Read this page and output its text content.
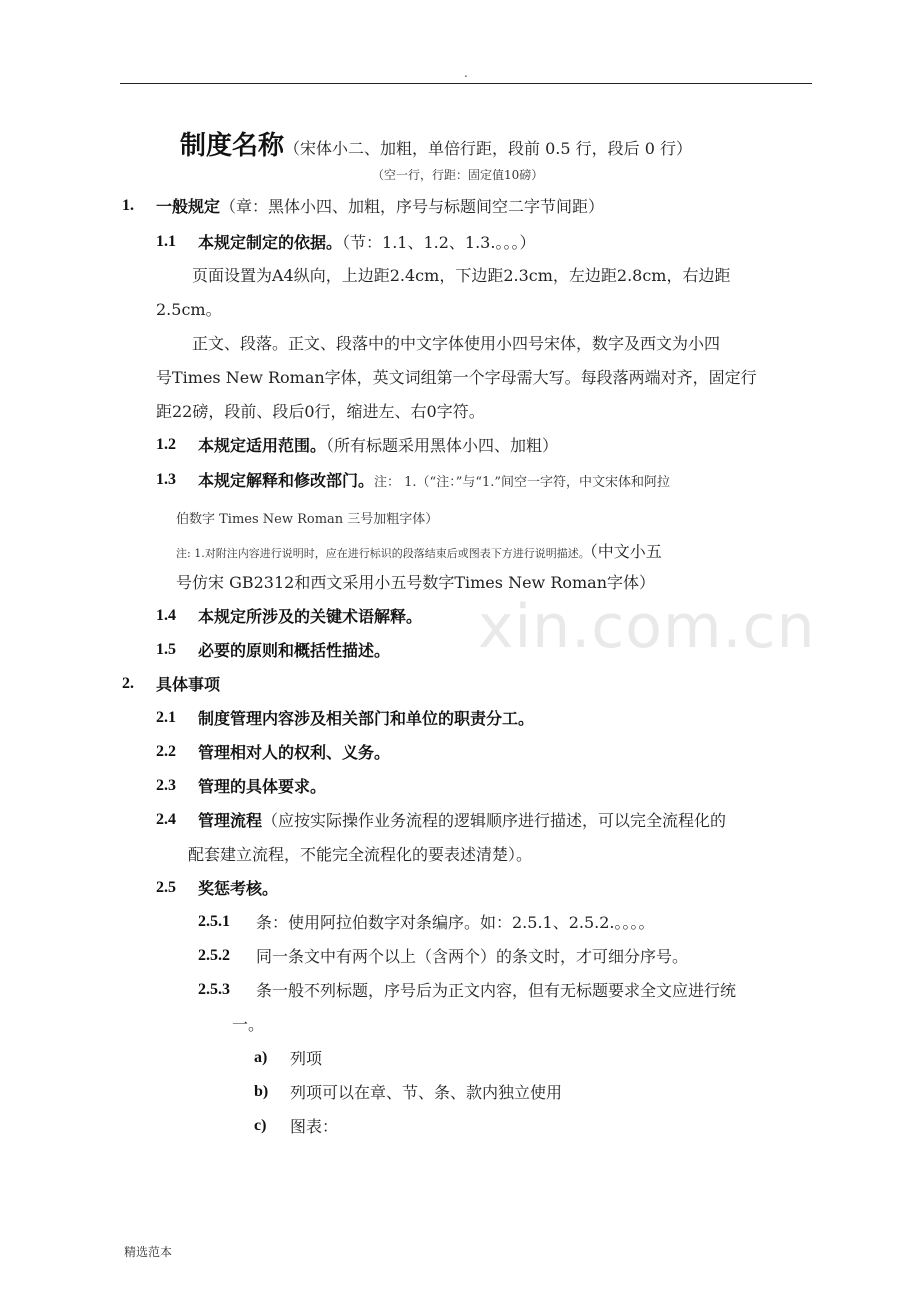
.
制度名称（宋体小二、加粗，单倍行距，段前 0.5 行，段后 0 行）
（空一行，行距：固定值10磅）
1. 一般规定（章：黑体小四、加粗，序号与标题间空二字节间距）
1.1 本规定制定的依据。（节：1.1、1.2、1.3.。。。）
页面设置为A4纵向，上边距2.4cm，下边距2.3cm，左边距2.8cm，右边距
2.5cm。
正文、段落。正文、段落中的中文字体使用小四号宋体，数字及西文为小四
号Times New Roman字体，英文词组第一个字母需大写。每段落两端对齐，固定行
距22磅，段前、段后0行，缩进左、右0字符。
1.2 本规定适用范围。（所有标题采用黑体小四、加粗）
1.3 本规定解释和修改部门。注： 1.（“注：”与“1.”间空一字符，中文宋体和阿拉
伯数字 Times New Roman 三号加粗字体）
注: 1.对附注内容进行说明时，应在进行标识的段落结束后或图表下方进行说明描述。（中文小五
号仿宋 GB2312和西文采用小五号数字Times New Roman字体）
1.4 本规定所涉及的关键术语解释。
1.5 必要的原则和概括性描述。
2. 具体事项
2.1 制度管理内容涉及相关部门和单位的职责分工。
2.2 管理相对人的权利、义务。
2.3 管理的具体要求。
2.4 管理流程（应按实际操作业务流程的逻辑顺序进行描述，可以完全流程化的
配套建立流程，不能完全流程化的要表述清楚）。
2.5 奖惩考核。
2.5.1 条：使用阿拉伯数字对条编序。如：2.5.1、2.5.2.。。。。
2.5.2 同一条文中有两个以上（含两个）的条文时，才可细分序号。
2.5.3 条一般不列标题，序号后为正文内容，但有无标题要求全文应进行统
一。
a) 列项
b) 列项可以在章、节、条、款内独立使用
c) 图表：
xin.com.cn
精选范本
